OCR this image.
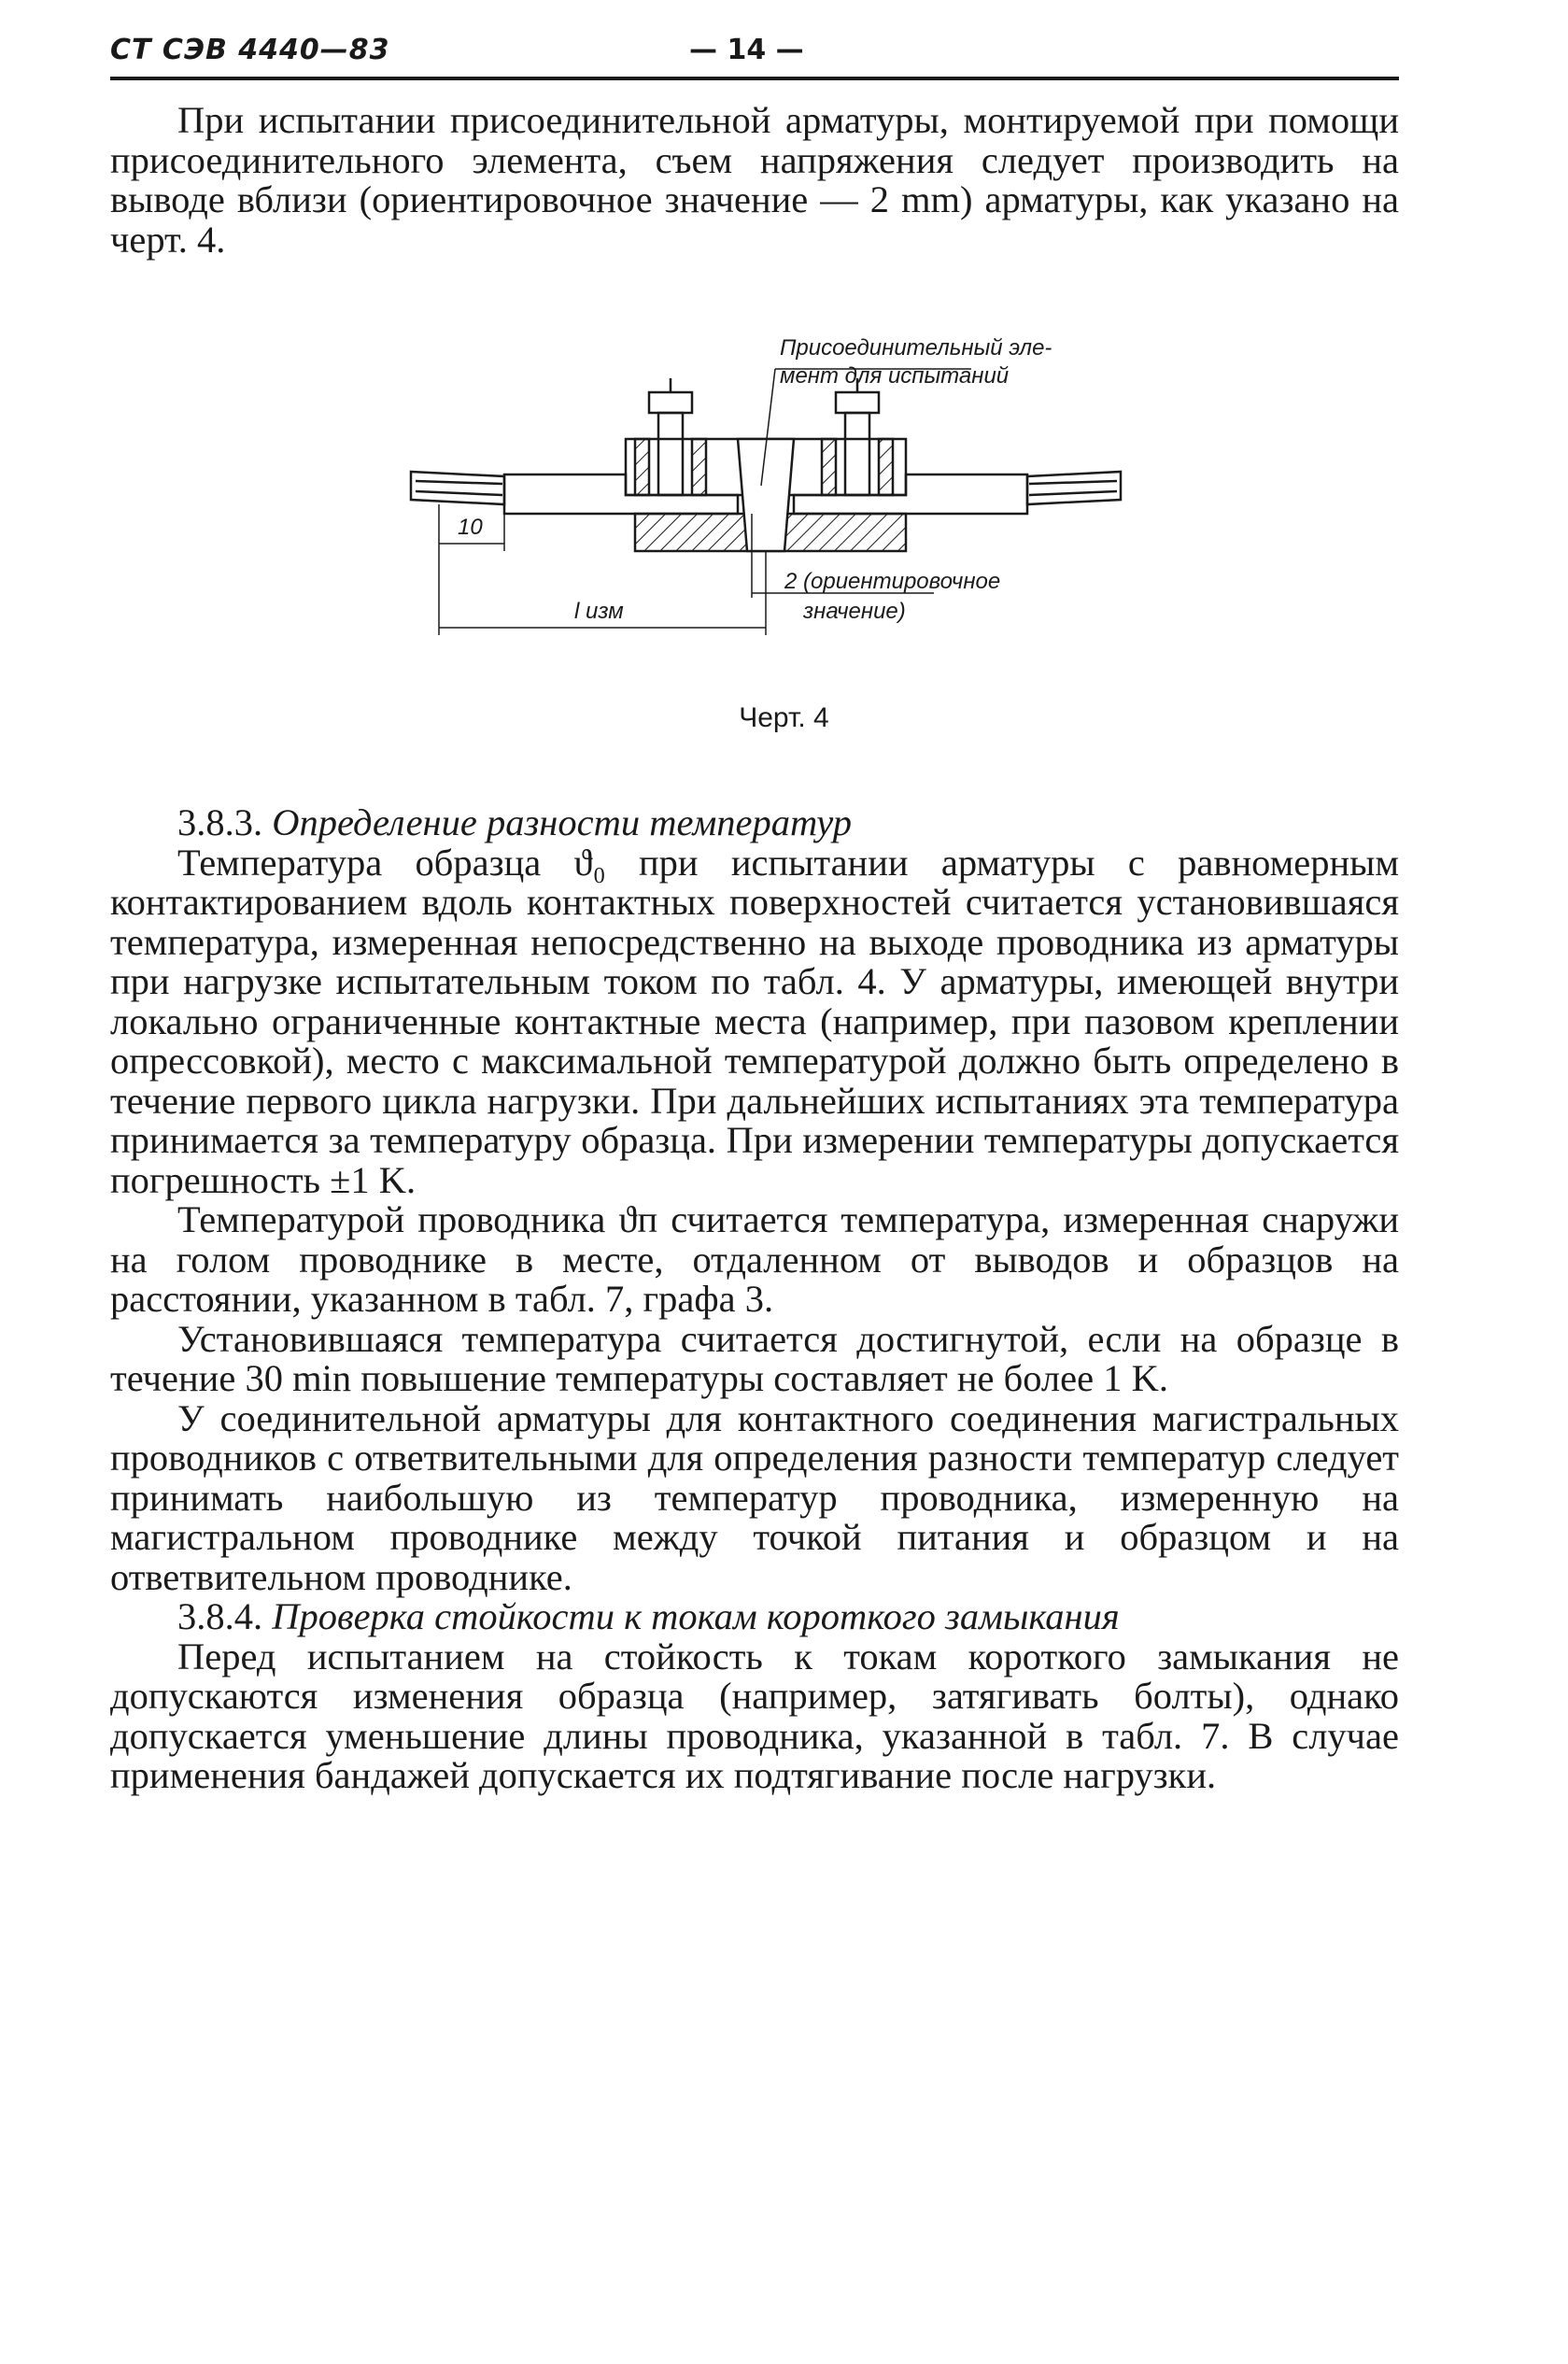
СТ СЭВ 4440—83	— 14 —

При испытании присоединительной арматуры, монтируемой при помощи присоединительного элемента, съем напряжения следует производить на выводе вблизи (ориентировочное значение — 2 mm) арматуры, как указано на черт. 4.

Присоединительный эле-
мент для испытаний
10
l изм
2 (ориентировочное
значение)
Черт. 4

3.8.3. Определение разности температур

Температура образца ϑ₀ при испытании арматуры с равномерным контактированием вдоль контактных поверхностей считается установившаяся температура, измеренная непосредственно на выходе проводника из арматуры при нагрузке испытательным током по табл. 4. У арматуры, имеющей внутри локально ограниченные контактные места (например, при пазовом креплении опрессовкой), место с максимальной температурой должно быть определено в течение первого цикла нагрузки. При дальнейших испытаниях эта температура принимается за температуру образца. При измерении температуры допускается погрешность ±1 K.

Температурой проводника ϑп считается температура, измеренная снаружи на голом проводнике в месте, отдаленном от выводов и образцов на расстоянии, указанном в табл. 7, графа 3.

Установившаяся температура считается достигнутой, если на образце в течение 30 min повышение температуры составляет не более 1 K.

У соединительной арматуры для контактного соединения магистральных проводников с ответвительными для определения разности температур следует принимать наибольшую из температур проводника, измеренную на магистральном проводнике между точкой питания и образцом и на ответвительном проводнике.

3.8.4. Проверка стойкости к токам короткого замыкания

Перед испытанием на стойкость к токам короткого замыкания не допускаются изменения образца (например, затягивать болты), однако допускается уменьшение длины проводника, указанной в табл. 7. В случае применения бандажей допускается их подтягивание после нагрузки.
